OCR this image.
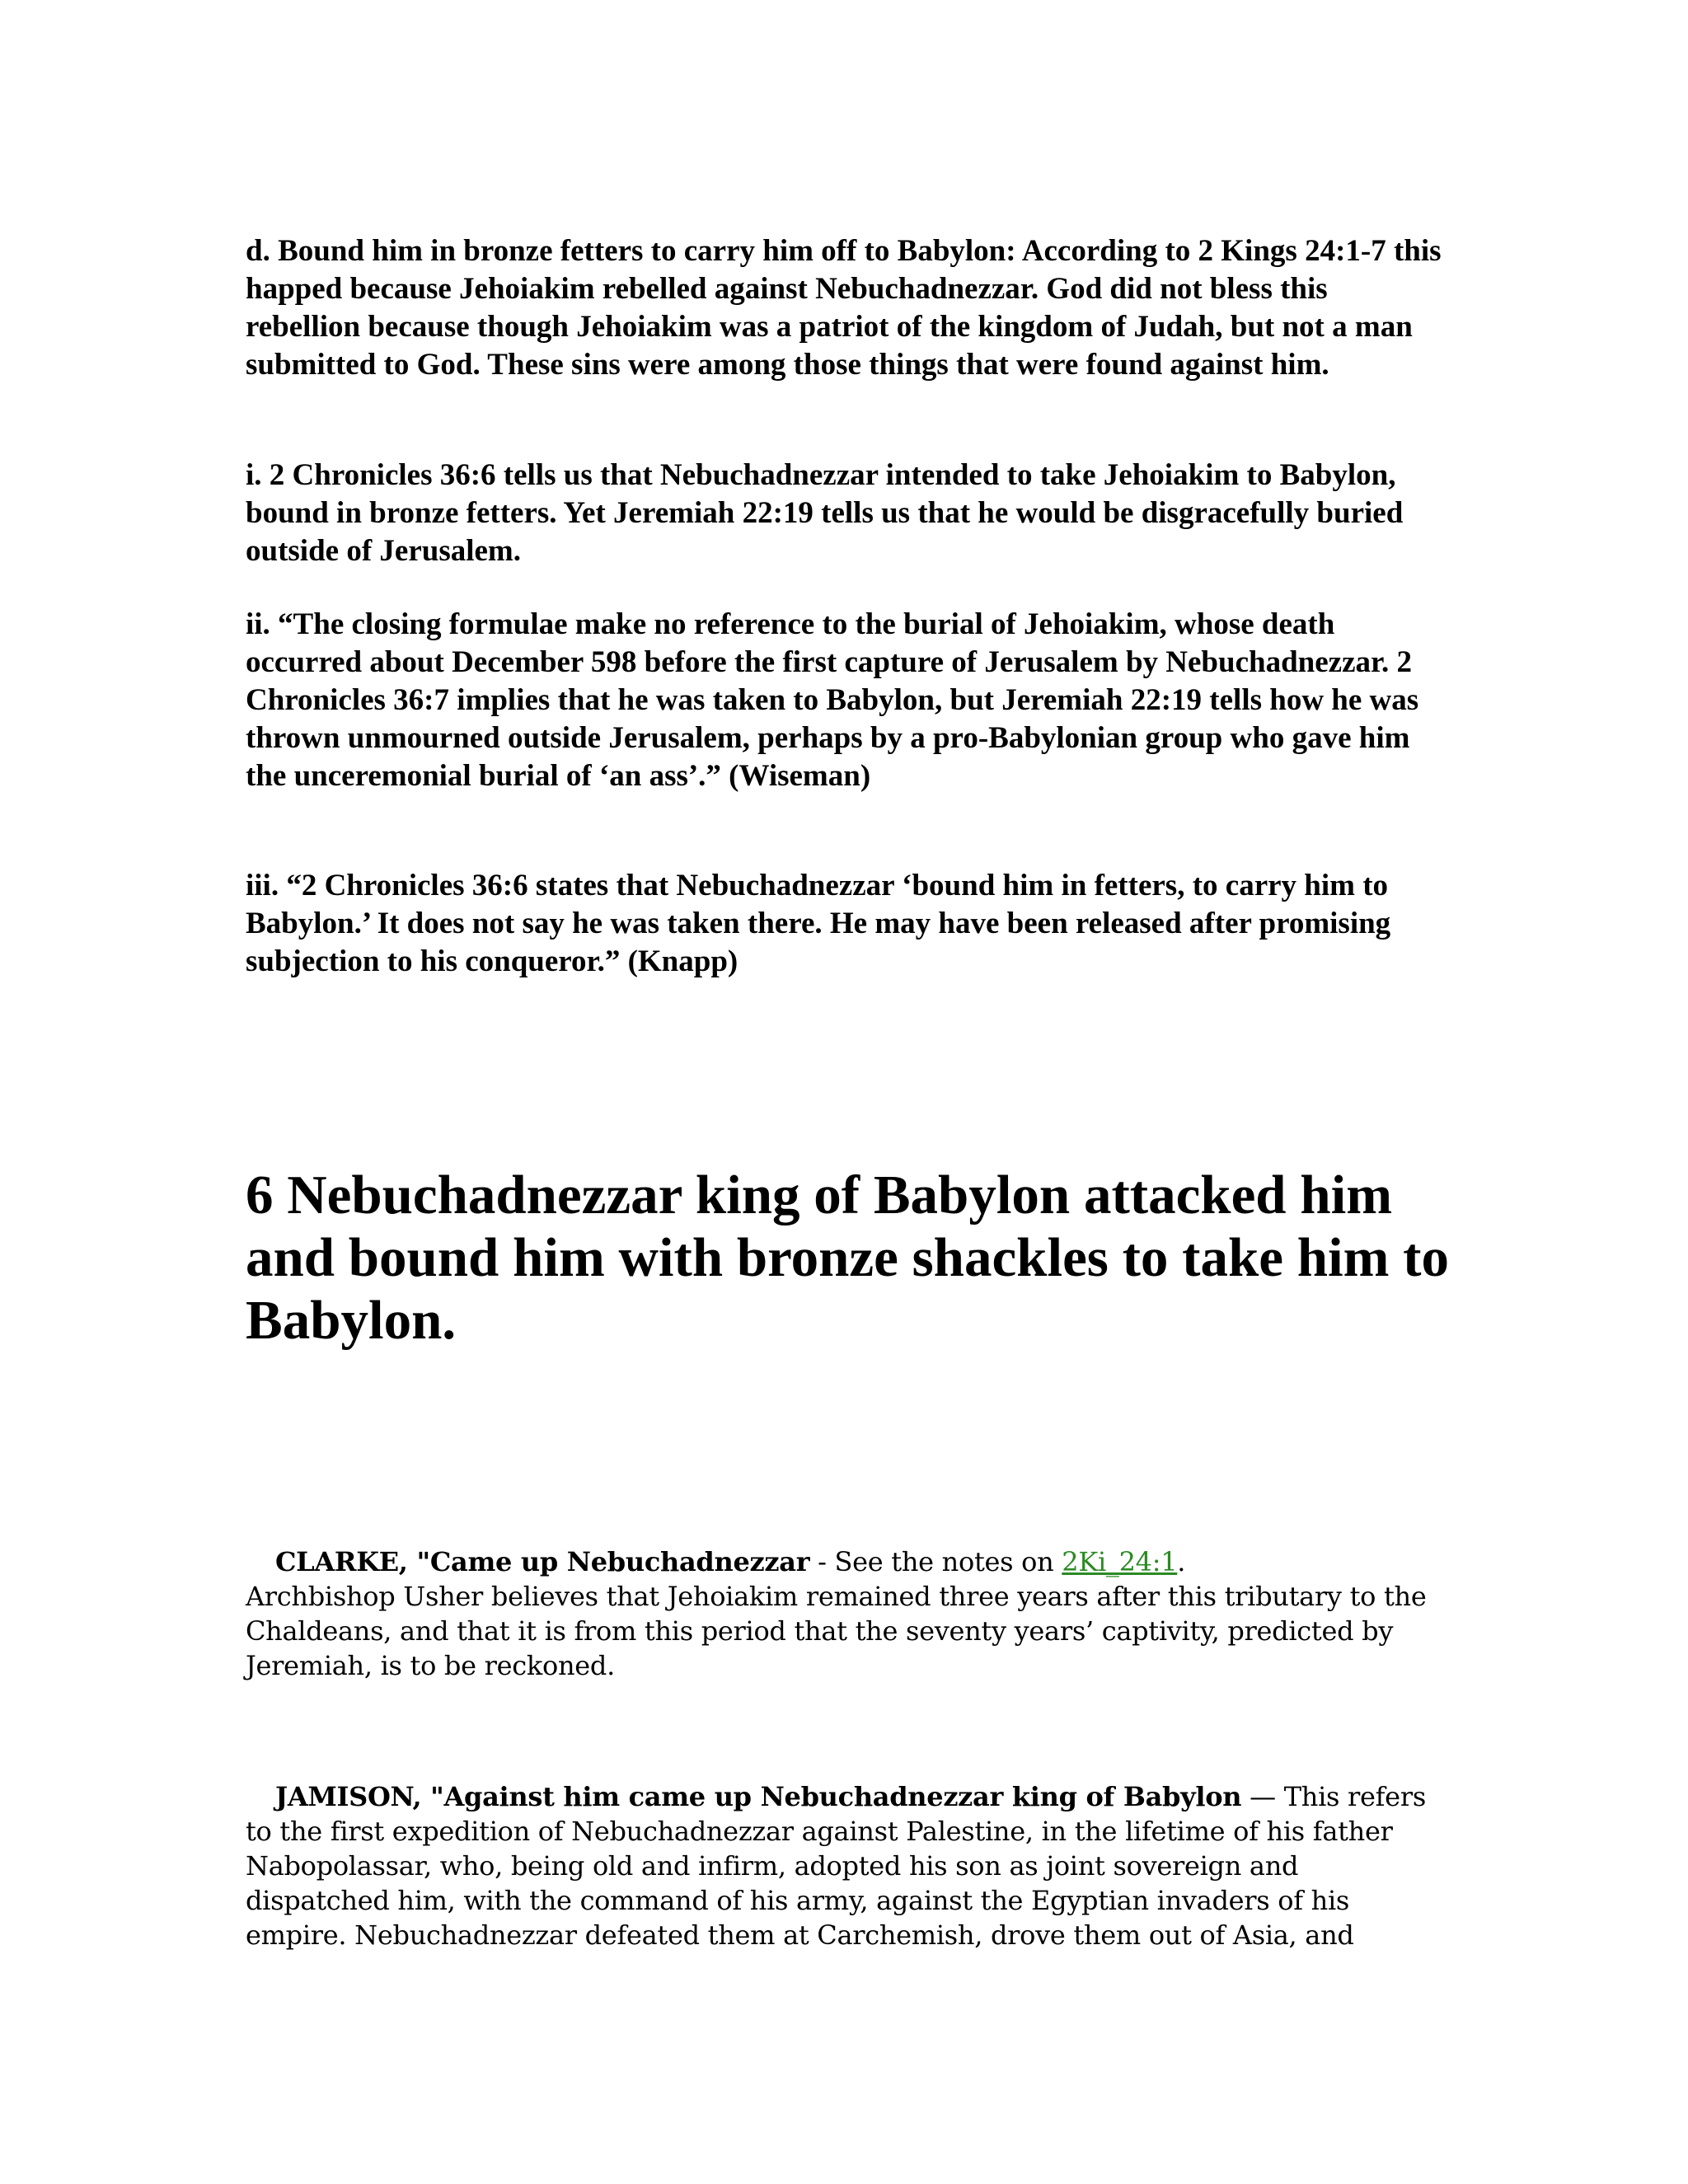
d. Bound him in bronze fetters to carry him off to Babylon: According to 2 Kings 24:1-7 this happed because Jehoiakim rebelled against Nebuchadnezzar. God did not bless this rebellion because though Jehoiakim was a patriot of the kingdom of Judah, but not a man submitted to God. These sins were among those things that were found against him.

i. 2 Chronicles 36:6 tells us that Nebuchadnezzar intended to take Jehoiakim to Babylon, bound in bronze fetters. Yet Jeremiah 22:19 tells us that he would be disgracefully buried outside of Jerusalem.

ii. “The closing formulae make no reference to the burial of Jehoiakim, whose death occurred about December 598 before the first capture of Jerusalem by Nebuchadnezzar. 2 Chronicles 36:7 implies that he was taken to Babylon, but Jeremiah 22:19 tells how he was thrown unmourned outside Jerusalem, perhaps by a pro-Babylonian group who gave him the unceremonial burial of ‘an ass’.” (Wiseman)

iii. “2 Chronicles 36:6 states that Nebuchadnezzar ‘bound him in fetters, to carry him to Babylon.’ It does not say he was taken there. He may have been released after promising subjection to his conqueror.” (Knapp)

6 Nebuchadnezzar king of Babylon attacked him and bound him with bronze shackles to take him to Babylon.

CLARKE, "Came up Nebuchadnezzar - See the notes on 2Ki_24:1.
Archbishop Usher believes that Jehoiakim remained three years after this tributary to the Chaldeans, and that it is from this period that the seventy years’ captivity, predicted by Jeremiah, is to be reckoned.

JAMISON, "Against him came up Nebuchadnezzar king of Babylon — This refers to the first expedition of Nebuchadnezzar against Palestine, in the lifetime of his father Nabopolassar, who, being old and infirm, adopted his son as joint sovereign and dispatched him, with the command of his army, against the Egyptian invaders of his empire. Nebuchadnezzar defeated them at Carchemish, drove them out of Asia, and
